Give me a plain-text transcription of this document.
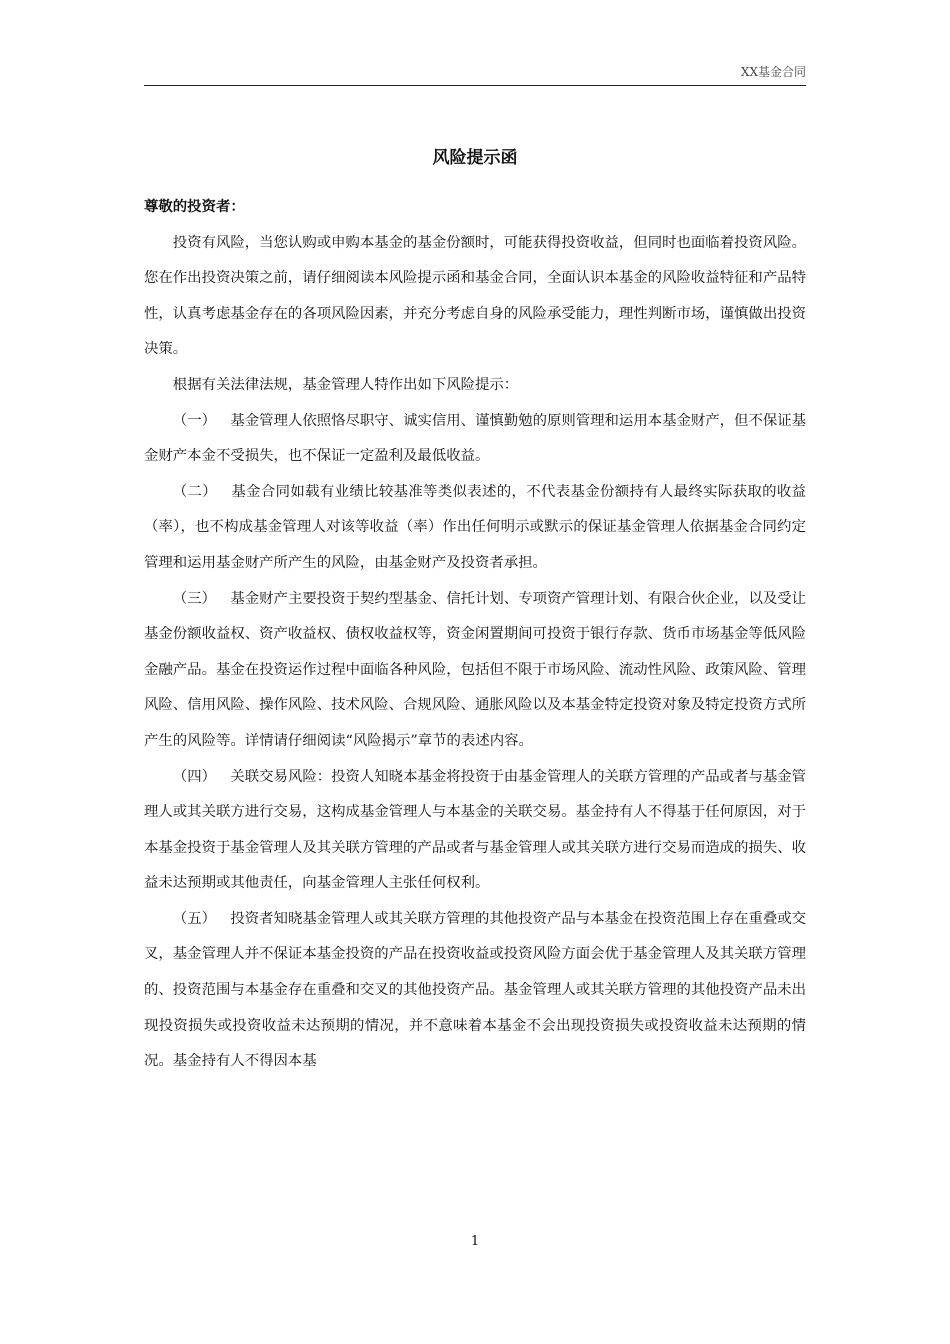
XX基金合同
风险提示函

尊敬的投资者：

投资有风险，当您认购或申购本基金的基金份额时，可能获得投资收益，但同时也面临着投资风险。您在作出投资决策之前，请仔细阅读本风险提示函和基金合同，全面认识本基金的风险收益特征和产品特性，认真考虑基金存在的各项风险因素，并充分考虑自身的风险承受能力，理性判断市场，谨慎做出投资决策。

根据有关法律法规，基金管理人特作出如下风险提示：

（一） 基金管理人依照恪尽职守、诚实信用、谨慎勤勉的原则管理和运用本基金财产，但不保证基金财产本金不受损失，也不保证一定盈利及最低收益。

（二） 基金合同如载有业绩比较基准等类似表述的，不代表基金份额持有人最终实际获取的收益（率），也不构成基金管理人对该等收益（率）作出任何明示或默示的保证基金管理人依据基金合同约定管理和运用基金财产所产生的风险，由基金财产及投资者承担。

（三） 基金财产主要投资于契约型基金、信托计划、专项资产管理计划、有限合伙企业，以及受让基金份额收益权、资产收益权、债权收益权等，资金闲置期间可投资于银行存款、货币市场基金等低风险金融产品。基金在投资运作过程中面临各种风险，包括但不限于市场风险、流动性风险、政策风险、管理风险、信用风险、操作风险、技术风险、合规风险、通胀风险以及本基金特定投资对象及特定投资方式所产生的风险等。详情请仔细阅读“风险揭示”章节的表述内容。

（四） 关联交易风险：投资人知晓本基金将投资于由基金管理人的关联方管理的产品或者与基金管理人或其关联方进行交易，这构成基金管理人与本基金的关联交易。基金持有人不得基于任何原因，对于本基金投资于基金管理人及其关联方管理的产品或者与基金管理人或其关联方进行交易而造成的损失、收益未达预期或其他责任，向基金管理人主张任何权利。

（五） 投资者知晓基金管理人或其关联方管理的其他投资产品与本基金在投资范围上存在重叠或交叉，基金管理人并不保证本基金投资的产品在投资收益或投资风险方面会优于基金管理人及其关联方管理的、投资范围与本基金存在重叠和交叉的其他投资产品。基金管理人或其关联方管理的其他投资产品未出现投资损失或投资收益未达预期的情况，并不意味着本基金不会出现投资损失或投资收益未达预期的情况。基金持有人不得因本基

1
